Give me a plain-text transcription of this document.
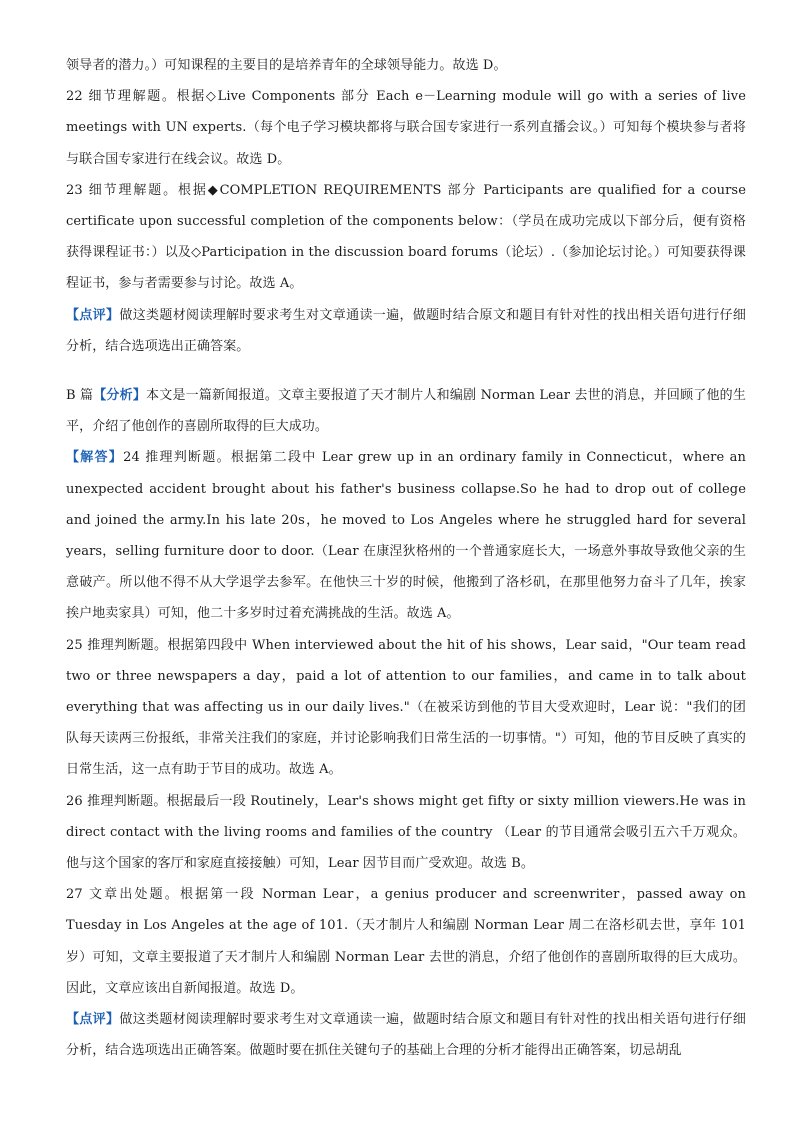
领导者的潜力。）可知课程的主要目的是培养青年的全球领导能力。故选 D。

22 细节理解题。根据◇Live Components 部分 Each e－Learning module will go with a series of live meetings with UN experts.（每个电子学习模块都将与联合国专家进行一系列直播会议。）可知每个模块参与者将与联合国专家进行在线会议。故选 D。

23 细节理解题。根据◆COMPLETION REQUIREMENTS 部分 Participants are qualified for a course certificate upon successful completion of the components below：（学员在成功完成以下部分后，便有资格获得课程证书：）以及◇Participation in the discussion board forums（论坛）.（参加论坛讨论。）可知要获得课程证书，参与者需要参与讨论。故选 A。

【点评】做这类题材阅读理解时要求考生对文章通读一遍，做题时结合原文和题目有针对性的找出相关语句进行仔细分析，结合选项选出正确答案。

B 篇【分析】本文是一篇新闻报道。文章主要报道了天才制片人和编剧 Norman Lear 去世的消息，并回顾了他的生平，介绍了他创作的喜剧所取得的巨大成功。

【解答】24 推理判断题。根据第二段中 Lear grew up in an ordinary family in Connecticut，where an unexpected accident brought about his father's business collapse.So he had to drop out of college and joined the army.In his late 20s，he moved to Los Angeles where he struggled hard for several years，selling furniture door to door.（Lear 在康涅狄格州的一个普通家庭长大，一场意外事故导致他父亲的生意破产。所以他不得不从大学退学去参军。在他快三十岁的时候，他搬到了洛杉矶，在那里他努力奋斗了几年，挨家挨户地卖家具）可知，他二十多岁时过着充满挑战的生活。故选 A。

25 推理判断题。根据第四段中 When interviewed about the hit of his shows，Lear said，"Our team read two or three newspapers a day，paid a lot of attention to our families，and came in to talk about everything that was affecting us in our daily lives."（在被采访到他的节目大受欢迎时，Lear 说："我们的团队每天读两三份报纸，非常关注我们的家庭，并讨论影响我们日常生活的一切事情。"）可知，他的节目反映了真实的日常生活，这一点有助于节目的成功。故选 A。

26 推理判断题。根据最后一段 Routinely，Lear's shows might get fifty or sixty million viewers.He was in direct contact with the living rooms and families of the country （Lear 的节目通常会吸引五六千万观众。他与这个国家的客厅和家庭直接接触）可知，Lear 因节目而广受欢迎。故选 B。

27 文章出处题。根据第一段 Norman Lear，a genius producer and screenwriter，passed away on Tuesday in Los Angeles at the age of 101.（天才制片人和编剧 Norman Lear 周二在洛杉矶去世，享年 101 岁）可知，文章主要报道了天才制片人和编剧 Norman Lear 去世的消息，介绍了他创作的喜剧所取得的巨大成功。因此，文章应该出自新闻报道。故选 D。

【点评】做这类题材阅读理解时要求考生对文章通读一遍，做题时结合原文和题目有针对性的找出相关语句进行仔细分析，结合选项选出正确答案。做题时要在抓住关键句子的基础上合理的分析才能得出正确答案，切忌胡乱
